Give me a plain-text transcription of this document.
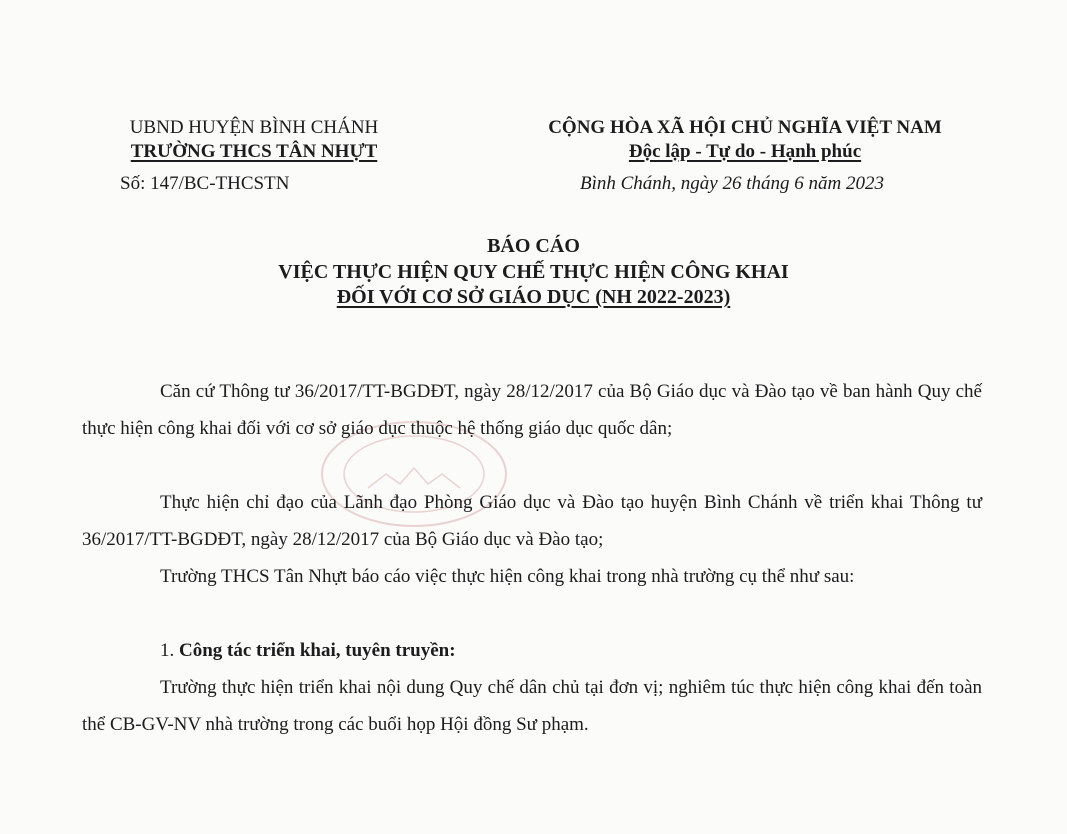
UBND HUYỆN BÌNH CHÁNH
TRƯỜNG THCS TÂN NHỰT
CỘNG HÒA XÃ HỘI CHỦ NGHĨA VIỆT NAM
Độc lập - Tự do - Hạnh phúc
Số: 147/BC-THCSTN	Bình Chánh, ngày 26 tháng 6 năm 2023
BÁO CÁO
VIỆC THỰC HIỆN QUY CHẾ THỰC HIỆN CÔNG KHAI
ĐỐI VỚI CƠ SỞ GIÁO DỤC (NH 2022-2023)
Căn cứ Thông tư 36/2017/TT-BGDĐT, ngày 28/12/2017 của Bộ Giáo dục và Đào tạo về ban hành Quy chế thực hiện công khai đối với cơ sở giáo dục thuộc hệ thống giáo dục quốc dân;
Thực hiện chỉ đạo của Lãnh đạo Phòng Giáo dục và Đào tạo huyện Bình Chánh về triển khai Thông tư 36/2017/TT-BGDĐT, ngày 28/12/2017 của Bộ Giáo dục và Đào tạo;
Trường THCS Tân Nhựt báo cáo việc thực hiện công khai trong nhà trường cụ thể như sau:
1. Công tác triển khai, tuyên truyền:
Trường thực hiện triển khai nội dung Quy chế dân chủ tại đơn vị; nghiêm túc thực hiện công khai đến toàn thể CB-GV-NV nhà trường trong các buổi họp Hội đồng Sư phạm.
